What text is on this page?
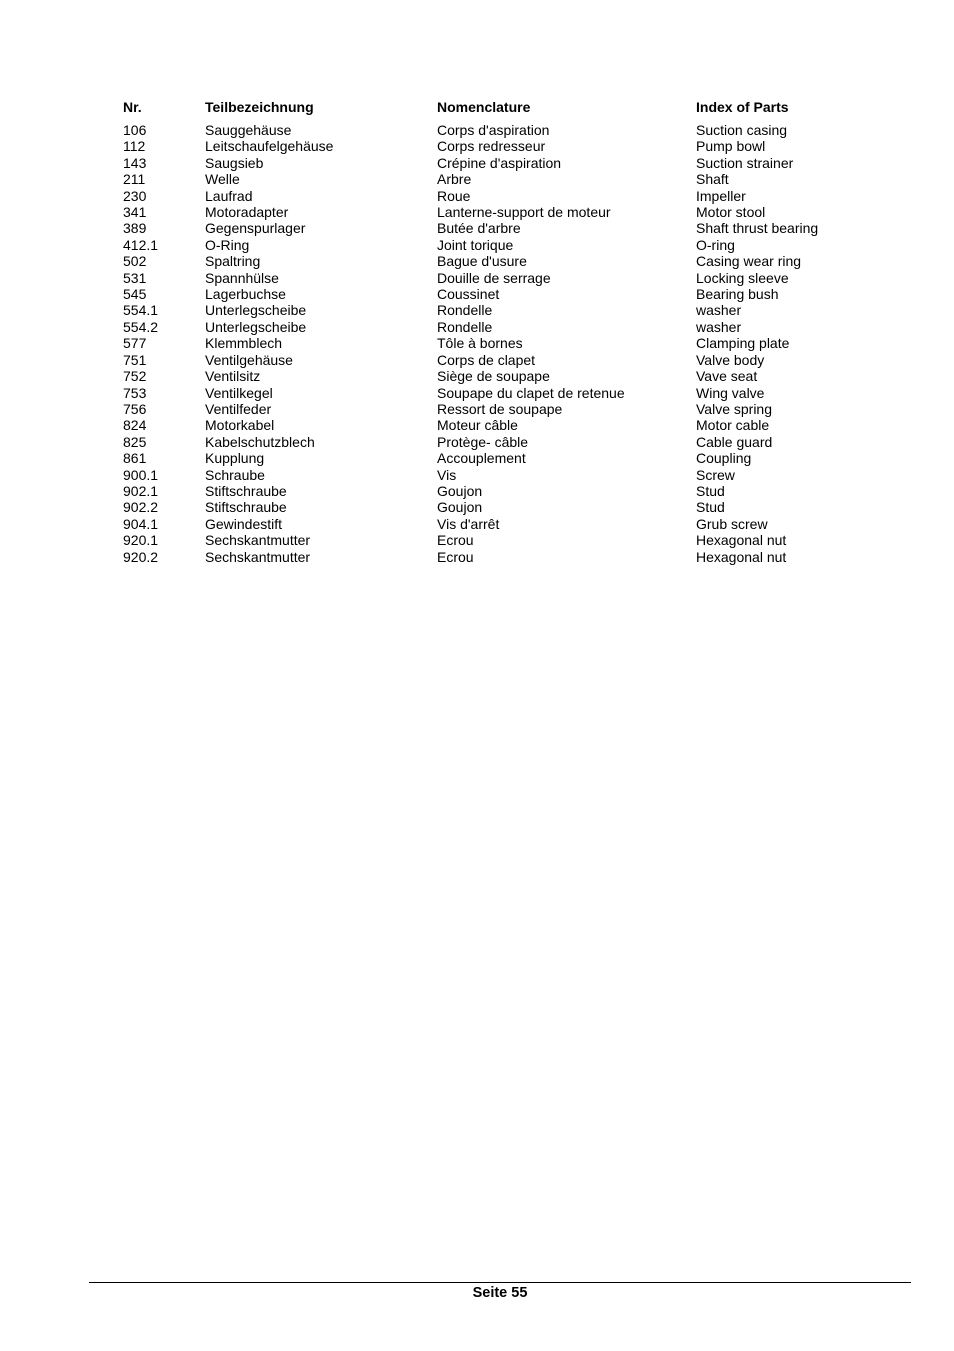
Nr.	Teilbezeichnung	Nomenclature	Index of Parts
106	Sauggehäuse	Corps d'aspiration	Suction casing
112	Leitschaufelgehäuse	Corps redresseur	Pump bowl
143	Saugsieb	Crépine d'aspiration	Suction strainer
211	Welle	Arbre	Shaft
230	Laufrad	Roue	Impeller
341	Motoradapter	Lanterne-support de moteur	Motor stool
389	Gegenspurlager	Butée d'arbre	Shaft thrust bearing
412.1	O-Ring	Joint torique	O-ring
502	Spaltring	Bague d'usure	Casing wear ring
531	Spannhülse	Douille de serrage	Locking sleeve
545	Lagerbuchse	Coussinet	Bearing bush
554.1	Unterlegscheibe	Rondelle	washer
554.2	Unterlegscheibe	Rondelle	washer
577	Klemmblech	Tôle à bornes	Clamping plate
751	Ventilgehäuse	Corps de clapet	Valve body
752	Ventilsitz	Siège de soupape	Vave seat
753	Ventilkegel	Soupape du clapet de retenue	Wing valve
756	Ventilfeder	Ressort de soupape	Valve spring
824	Motorkabel	Moteur câble	Motor cable
825	Kabelschutzblech	Protège- câble	Cable guard
861	Kupplung	Accouplement	Coupling
900.1	Schraube	Vis	Screw
902.1	Stiftschraube	Goujon	Stud
902.2	Stiftschraube	Goujon	Stud
904.1	Gewindestift	Vis d'arrêt	Grub screw
920.1	Sechskantmutter	Ecrou	Hexagonal nut
920.2	Sechskantmutter	Ecrou	Hexagonal nut
Seite 55
